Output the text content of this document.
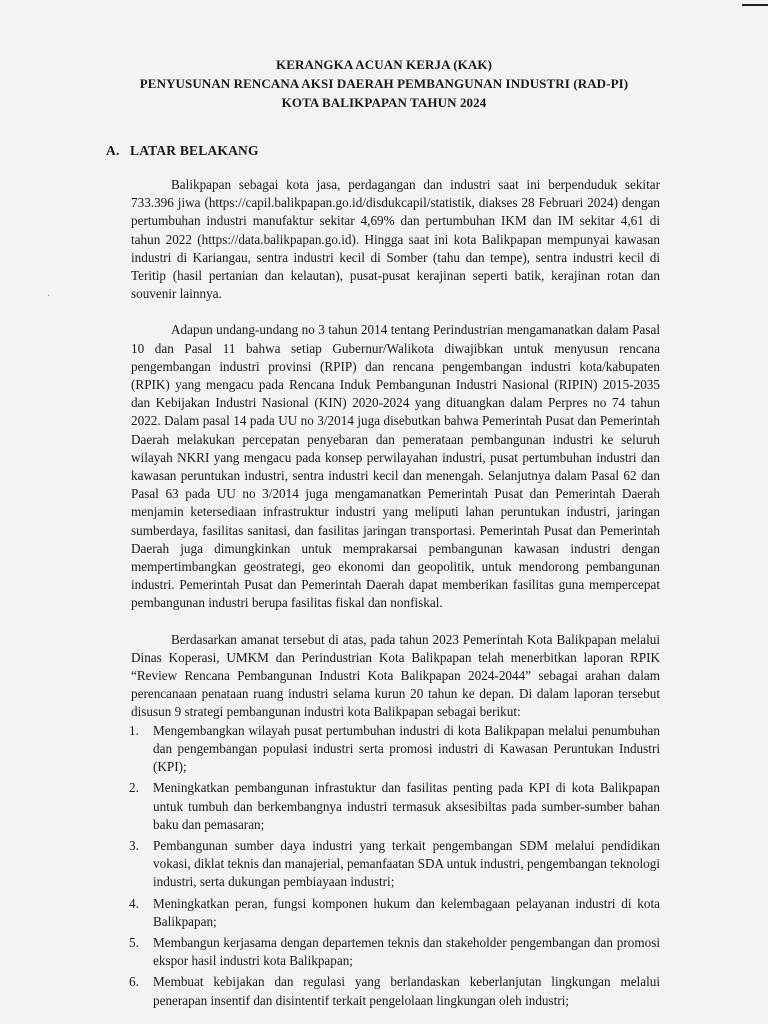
·
KERANGKA ACUAN KERJA (KAK)
PENYUSUNAN RENCANA AKSI DAERAH PEMBANGUNAN INDUSTRI (RAD-PI)
KOTA BALIKPAPAN TAHUN 2024
A. LATAR BELAKANG

Balikpapan sebagai kota jasa, perdagangan dan industri saat ini berpenduduk sekitar 733.396 jiwa (https://capil.balikpapan.go.id/disdukcapil/statistik, diakses 28 Februari 2024) dengan pertumbuhan industri manufaktur sekitar 4,69% dan pertumbuhan IKM dan IM sekitar 4,61 di tahun 2022 (https://data.balikpapan.go.id). Hingga saat ini kota Balikpapan mempunyai kawasan industri di Kariangau, sentra industri kecil di Somber (tahu dan tempe), sentra industri kecil di Teritip (hasil pertanian dan kelautan), pusat-pusat kerajinan seperti batik, kerajinan rotan dan souvenir lainnya.

Adapun undang-undang no 3 tahun 2014 tentang Perindustrian mengamanatkan dalam Pasal 10 dan Pasal 11 bahwa setiap Gubernur/Walikota diwajibkan untuk menyusun rencana pengembangan industri provinsi (RPIP) dan rencana pengembangan industri kota/kabupaten (RPIK) yang mengacu pada Rencana Induk Pembangunan Industri Nasional (RIPIN) 2015-2035 dan Kebijakan Industri Nasional (KIN) 2020-2024 yang dituangkan dalam Perpres no 74 tahun 2022. Dalam pasal 14 pada UU no 3/2014 juga disebutkan bahwa Pemerintah Pusat dan Pemerintah Daerah melakukan percepatan penyebaran dan pemerataan pembangunan industri ke seluruh wilayah NKRI yang mengacu pada konsep perwilayahan industri, pusat pertumbuhan industri dan kawasan peruntukan industri, sentra industri kecil dan menengah. Selanjutnya dalam Pasal 62 dan Pasal 63 pada UU no 3/2014 juga mengamanatkan Pemerintah Pusat dan Pemerintah Daerah menjamin ketersediaan infrastruktur industri yang meliputi lahan peruntukan industri, jaringan sumberdaya, fasilitas sanitasi, dan fasilitas jaringan transportasi. Pemerintah Pusat dan Pemerintah Daerah juga dimungkinkan untuk memprakarsai pembangunan kawasan industri dengan mempertimbangkan geostrategi, geo ekonomi dan geopolitik, untuk mendorong pembangunan industri. Pemerintah Pusat dan Pemerintah Daerah dapat memberikan fasilitas guna mempercepat pembangunan industri berupa fasilitas fiskal dan nonfiskal.

Berdasarkan amanat tersebut di atas, pada tahun 2023 Pemerintah Kota Balikpapan melalui Dinas Koperasi, UMKM dan Perindustrian Kota Balikpapan telah menerbitkan laporan RPIK “Review Rencana Pembangunan Industri Kota Balikpapan 2024-2044” sebagai arahan dalam perencanaan penataan ruang industri selama kurun 20 tahun ke depan. Di dalam laporan tersebut disusun 9 strategi pembangunan industri kota Balikpapan sebagai berikut:

1. Mengembangkan wilayah pusat pertumbuhan industri di kota Balikpapan melalui penumbuhan dan pengembangan populasi industri serta promosi industri di Kawasan Peruntukan Industri (KPI);
2. Meningkatkan pembangunan infrastuktur dan fasilitas penting pada KPI di kota Balikpapan untuk tumbuh dan berkembangnya industri termasuk aksesibiltas pada sumber-sumber bahan baku dan pemasaran;
3. Pembangunan sumber daya industri yang terkait pengembangan SDM melalui pendidikan vokasi, diklat teknis dan manajerial, pemanfaatan SDA untuk industri, pengembangan teknologi industri, serta dukungan pembiayaan industri;
4. Meningkatkan peran, fungsi komponen hukum dan kelembagaan pelayanan industri di kota Balikpapan;
5. Membangun kerjasama dengan departemen teknis dan stakeholder pengembangan dan promosi ekspor hasil industri kota Balikpapan;
6. Membuat kebijakan dan regulasi yang berlandaskan keberlanjutan lingkungan melalui penerapan insentif dan disintentif terkait pengelolaan lingkungan oleh industri;
